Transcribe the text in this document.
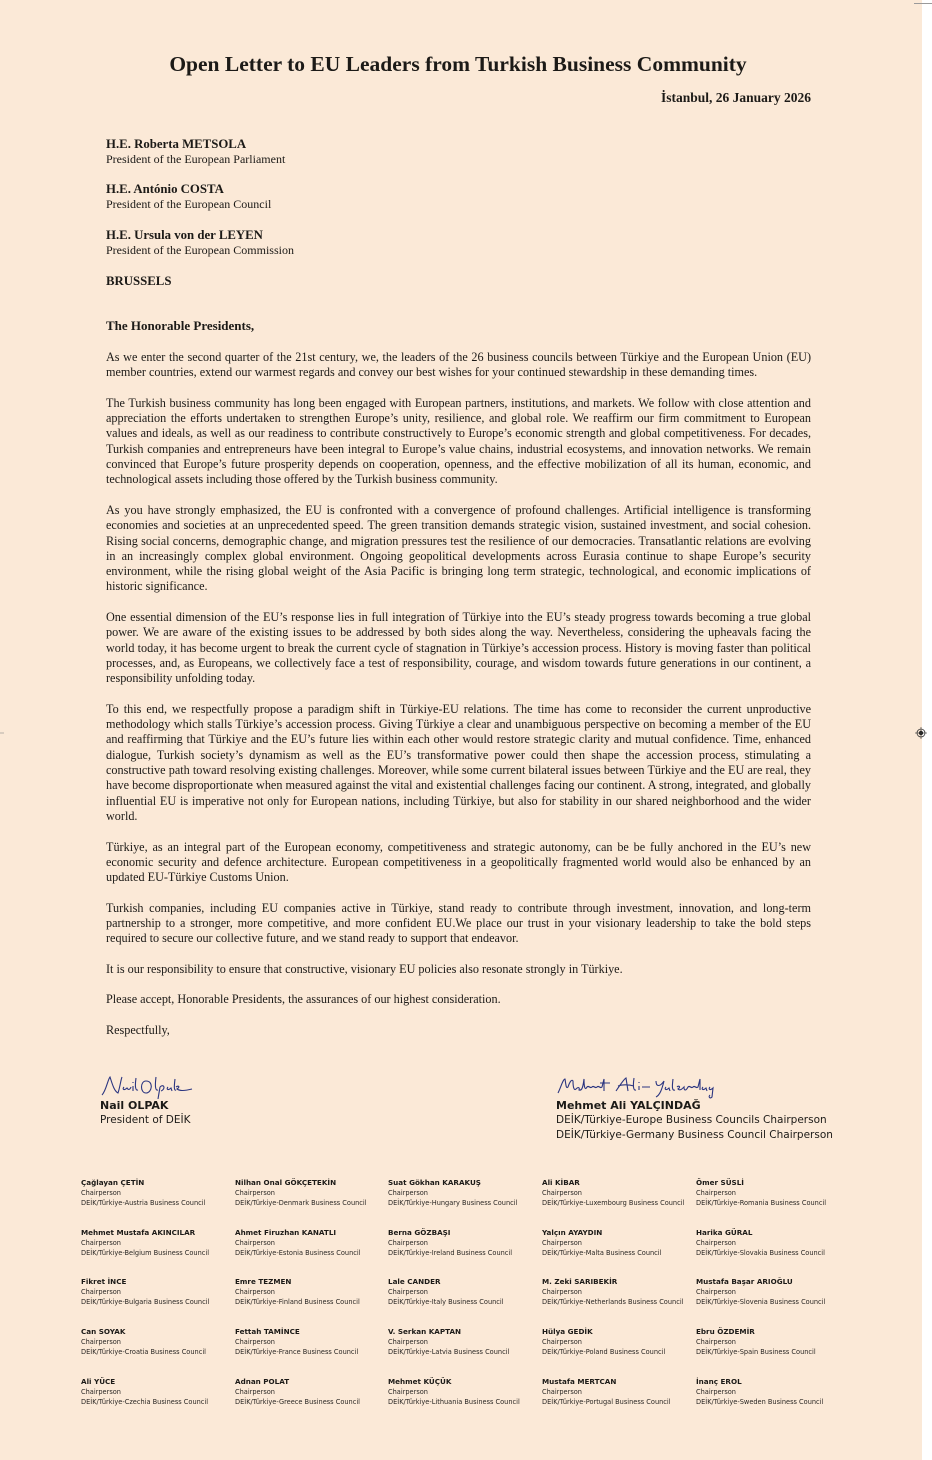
Open Letter to EU Leaders from Turkish Business Community
İstanbul, 26 January 2026
H.E. Roberta METSOLA
President of the European Parliament
H.E. António COSTA
President of the European Council
H.E. Ursula von der LEYEN
President of the European Commission
BRUSSELS
The Honorable Presidents,

As we enter the second quarter of the 21st century, we, the leaders of the 26 business councils between Türkiye and the European Union (EU) member countries, extend our warmest regards and convey our best wishes for your continued stewardship in these demanding times.

The Turkish business community has long been engaged with European partners, institutions, and markets. We follow with close attention and appreciation the efforts undertaken to strengthen Europe’s unity, resilience, and global role. We reaffirm our firm commitment to European values and ideals, as well as our readiness to contribute constructively to Europe’s economic strength and global competitiveness. For decades, Turkish companies and entrepreneurs have been integral to Europe’s value chains, industrial ecosystems, and innovation networks. We remain convinced that Europe’s future prosperity depends on cooperation, openness, and the effective mobilization of all its human, economic, and technological assets including those offered by the Turkish business community.

As you have strongly emphasized, the EU is confronted with a convergence of profound challenges. Artificial intelligence is transforming economies and societies at an unprecedented speed. The green transition demands strategic vision, sustained investment, and social cohesion. Rising social concerns, demographic change, and migration pressures test the resilience of our democracies. Transatlantic relations are evolving in an increasingly complex global environment. Ongoing geopolitical developments across Eurasia continue to shape Europe’s security environment, while the rising global weight of the Asia Pacific is bringing long term strategic, technological, and economic implications of historic significance.

One essential dimension of the EU’s response lies in full integration of Türkiye into the EU’s steady progress towards becoming a true global power. We are aware of the existing issues to be addressed by both sides along the way. Nevertheless, considering the upheavals facing the world today, it has become urgent to break the current cycle of stagnation in Türkiye’s accession process. History is moving faster than political processes, and, as Europeans, we collectively face a test of responsibility, courage, and wisdom towards future generations in our continent, a responsibility unfolding today.

To this end, we respectfully propose a paradigm shift in Türkiye-EU relations. The time has come to reconsider the current unproductive methodology which stalls Türkiye’s accession process. Giving Türkiye a clear and unambiguous perspective on becoming a member of the EU and reaffirming that Türkiye and the EU’s future lies within each other would restore strategic clarity and mutual confidence. Time, enhanced dialogue, Turkish society’s dynamism as well as the EU’s transformative power could then shape the accession process, stimulating a constructive path toward resolving existing challenges. Moreover, while some current bilateral issues between Türkiye and the EU are real, they have become disproportionate when measured against the vital and existential challenges facing our continent. A strong, integrated, and globally influential EU is imperative not only for European nations, including Türkiye, but also for stability in our shared neighborhood and the wider world.

Türkiye, as an integral part of the European economy, competitiveness and strategic autonomy, can be be fully anchored in the EU’s new economic security and defence architecture. European competitiveness in a geopolitically fragmented world would also be enhanced by an updated EU-Türkiye Customs Union.

Turkish companies, including EU companies active in Türkiye, stand ready to contribute through investment, innovation, and long-term partnership to a stronger, more competitive, and more confident EU.We place our trust in your visionary leadership to take the bold steps required to secure our collective future, and we stand ready to support that endeavor.

It is our responsibility to ensure that constructive, visionary EU policies also resonate strongly in Türkiye.

Please accept, Honorable Presidents, the assurances of our highest consideration.

Respectfully,

Nail OLPAK
President of DEİK
Mehmet Ali YALÇINDAĞ
DEİK/Türkiye-Europe Business Councils Chairperson
DEİK/Türkiye-Germany Business Council Chairperson
Çağlayan ÇETİN
Chairperson
DEİK/Türkiye-Austria Business Council
Mehmet Mustafa AKINCILAR
Chairperson
DEİK/Türkiye-Belgium Business Council
Fikret İNCE
Chairperson
DEİK/Türkiye-Bulgaria Business Council
Can SOYAK
Chairperson
DEİK/Türkiye-Croatia Business Council
Ali YÜCE
Chairperson
DEİK/Türkiye-Czechia Business Council
Nilhan Onal GÖKÇETEKİN
Chairperson
DEİK/Türkiye-Denmark Business Council
Ahmet Firuzhan KANATLI
Chairperson
DEİK/Türkiye-Estonia Business Council
Emre TEZMEN
Chairperson
DEİK/Türkiye-Finland Business Council
Fettah TAMİNCE
Chairperson
DEİK/Türkiye-France Business Council
Adnan POLAT
Chairperson
DEİK/Türkiye-Greece Business Council
Suat Gökhan KARAKUŞ
Chairperson
DEİK/Türkiye-Hungary Business Council
Berna GÖZBAŞI
Chairperson
DEİK/Türkiye-Ireland Business Council
Lale CANDER
Chairperson
DEİK/Türkiye-Italy Business Council
V. Serkan KAPTAN
Chairperson
DEİK/Türkiye-Latvia Business Council
Mehmet KÜÇÜK
Chairperson
DEİK/Türkiye-Lithuania Business Council
Ali KİBAR
Chairperson
DEİK/Türkiye-Luxembourg Business Council
Yalçın AYAYDIN
Chairperson
DEİK/Türkiye-Malta Business Council
M. Zeki SARIBEKİR
Chairperson
DEİK/Türkiye-Netherlands Business Council
Hülya GEDİK
Chairperson
DEİK/Türkiye-Poland Business Council
Mustafa MERTCAN
Chairperson
DEİK/Türkiye-Portugal Business Council
Ömer SÜSLİ
Chairperson
DEİK/Türkiye-Romania Business Council
Harika GÜRAL
Chairperson
DEİK/Türkiye-Slovakia Business Council
Mustafa Başar ARIOĞLU
Chairperson
DEİK/Türkiye-Slovenia Business Council
Ebru ÖZDEMİR
Chairperson
DEİK/Türkiye-Spain Business Council
İnanç EROL
Chairperson
DEİK/Türkiye-Sweden Business Council
